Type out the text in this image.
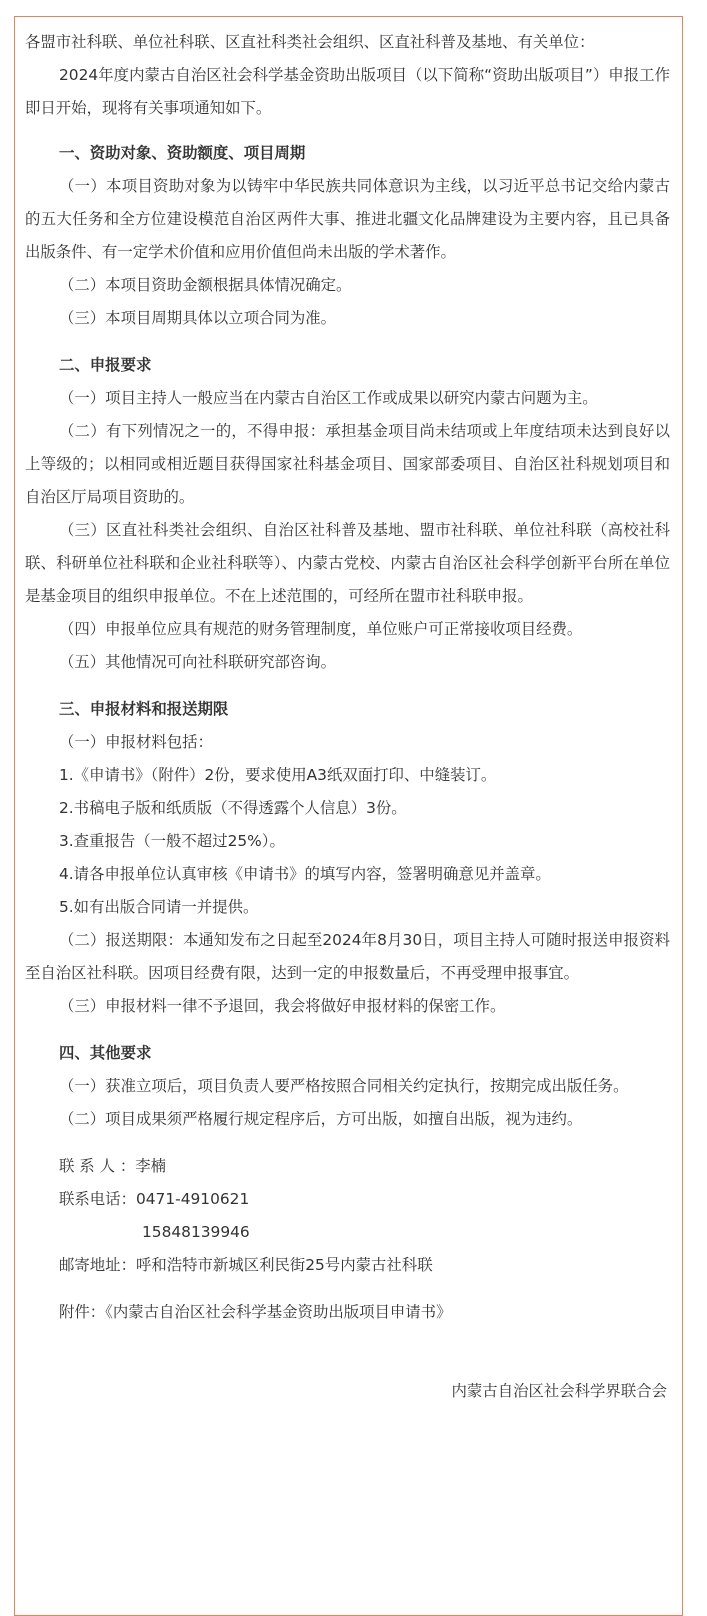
各盟市社科联、单位社科联、区直社科类社会组织、区直社科普及基地、有关单位：

2024年度内蒙古自治区社会科学基金资助出版项目（以下简称“资助出版项目”）申报工作即日开始，现将有关事项通知如下。

一、资助对象、资助额度、项目周期

（一）本项目资助对象为以铸牢中华民族共同体意识为主线，以习近平总书记交给内蒙古的五大任务和全方位建设模范自治区两件大事、推进北疆文化品牌建设为主要内容，且已具备出版条件、有一定学术价值和应用价值但尚未出版的学术著作。

（二）本项目资助金额根据具体情况确定。

（三）本项目周期具体以立项合同为准。

二、申报要求

（一）项目主持人一般应当在内蒙古自治区工作或成果以研究内蒙古问题为主。

（二）有下列情况之一的，不得申报：承担基金项目尚未结项或上年度结项未达到良好以上等级的；以相同或相近题目获得国家社科基金项目、国家部委项目、自治区社科规划项目和自治区厅局项目资助的。

（三）区直社科类社会组织、自治区社科普及基地、盟市社科联、单位社科联（高校社科联、科研单位社科联和企业社科联等）、内蒙古党校、内蒙古自治区社会科学创新平台所在单位是基金项目的组织申报单位。不在上述范围的，可经所在盟市社科联申报。

（四）申报单位应具有规范的财务管理制度，单位账户可正常接收项目经费。

（五）其他情况可向社科联研究部咨询。

三、申报材料和报送期限

（一）申报材料包括：

1.《申请书》（附件）2份，要求使用A3纸双面打印、中缝装订。

2.书稿电子版和纸质版（不得透露个人信息）3份。

3.查重报告（一般不超过25%）。

4.请各申报单位认真审核《申请书》的填写内容，签署明确意见并盖章。

5.如有出版合同请一并提供。

（二）报送期限：本通知发布之日起至2024年8月30日，项目主持人可随时报送申报资料至自治区社科联。因项目经费有限，达到一定的申报数量后，不再受理申报事宜。

（三）申报材料一律不予退回，我会将做好申报材料的保密工作。

四、其他要求

（一）获准立项后，项目负责人要严格按照合同相关约定执行，按期完成出版任务。

（二）项目成果须严格履行规定程序后，方可出版，如擅自出版，视为违约。

联 系 人 ：李楠

联系电话：0471-4910621

15848139946

邮寄地址：呼和浩特市新城区利民街25号内蒙古社科联

附件：《内蒙古自治区社会科学基金资助出版项目申请书》

内蒙古自治区社会科学界联合会
